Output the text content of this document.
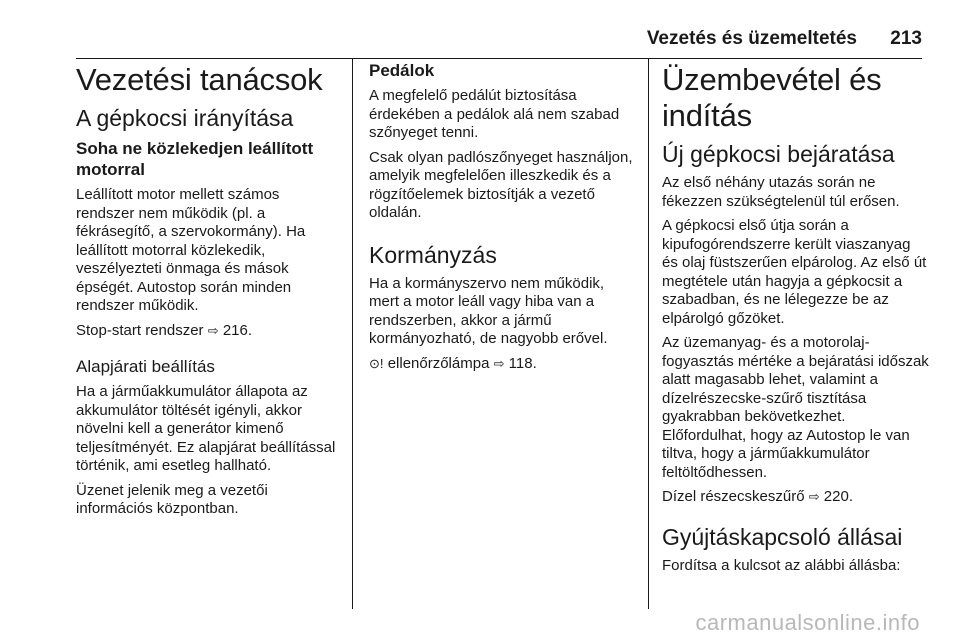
Vezetés és üzemeltetés 213
Vezetési tanácsok
A gépkocsi irányítása
Soha ne közlekedjen leállított motorral

Leállított motor mellett számos rendszer nem működik (pl. a fékrásegítő, a szervokormány). Ha leállított motorral közlekedik, veszélyezteti önmaga és mások épségét. Autostop során minden rendszer működik.

Stop-start rendszer ⇨ 216.

Alapjárati beállítás

Ha a járműakkumulátor állapota az akkumulátor töltését igényli, akkor növelni kell a generátor kimenő teljesítményét. Ez alapjárat beállítással történik, ami esetleg hallható.

Üzenet jelenik meg a vezetői információs központban.

Pedálok

A megfelelő pedálút biztosítása érdekében a pedálok alá nem szabad szőnyeget tenni.

Csak olyan padlószőnyeget használjon, amelyik megfelelően illeszkedik és a rögzítőelemek biztosítják a vezető oldalán.

Kormányzás

Ha a kormányszervo nem működik, mert a motor leáll vagy hiba van a rendszerben, akkor a jármű kormányozható, de nagyobb erővel.

⊙! ellenőrzőlámpa ⇨ 118.

Üzembevétel és indítás
Új gépkocsi bejáratása

Az első néhány utazás során ne fékezzen szükségtelenül túl erősen.

A gépkocsi első útja során a kipufogórendszerre került viaszanyag és olaj füstszerűen elpárolog. Az első út megtétele után hagyja a gépkocsit a szabadban, és ne lélegezze be az elpárolgó gőzöket.

Az üzemanyag- és a motorolaj-fogyasztás mértéke a bejáratási időszak alatt magasabb lehet, valamint a dízelrészecske-szűrő tisztítása gyakrabban bekövetkezhet. Előfordulhat, hogy az Autostop le van tiltva, hogy a járműakkumulátor feltöltődhessen.

Dízel részecskeszűrő ⇨ 220.

Gyújtáskapcsoló állásai

Fordítsa a kulcsot az alábbi állásba:

carmanualsonline.info
